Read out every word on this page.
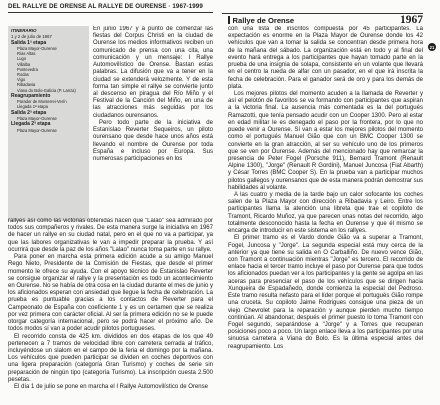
DEL RALLYE DE ORENSE AL RALLYE DE OURENSE · 1967-1999
Rallye de Orense	1967
21
ITINERARIO
1 y 2 de julio de 1967
Salida 1ª etapa
Plaza Mayor-Ourense
Rías Altas
Lugo
Villalba
Pontevedra
Rodas
Vigo
Ribadavia
Viana do Bolo-Galicia (P. Lanza)
Reagrupamiento
Parador de Monterrei-Verín
Llegada 1ª etapa
Salida 2ª etapa
Plaza Mayor-Ourense
Llegada 2ª etapa
Plaza Mayor-Ourense

En junio 1967 y a punto de comenzar las fiestas del Corpus Christi en la ciudad de Ourense los medios informativos reciben un comunicado de prensa con una cita, una comunicación y un mensaje: I Rallye Automovilístico de Orense. Bastan estas palabras. La difusión que va a tener en la ciudad se extenderá velozmente. Y de esta forma tan simple el rallye se convierte junto al descenso en piragua del Río Miño y el Festival de la Canción del Miño, en una de las atracciones más seguidas por los ciudadanos ourensanos.

Pero todo parte de la iniciativa de Estanislao Reverter Sequeiros, un piloto ourensano que desde hace unos años está llevando el nombre de Ourense por toda España e incluso por Europa. Sus numerosas participaciones en los

rallyes así como las victorias obtenidas hacen que "Lalao" sea admirado por todos sus compañeros y rivales. De esta manera surge la iniciativa en 1967 de hacer un rallye en su ciudad natal, pero en el que no va a participar, ya que las labores organizativas le van a impedir preparar la prueba. Y así ocurrirá que desde la paz de los años "Lalao" nunca toma parte en su rallye.

Para poner en marcha esta primera edición acude a su amigo Manuel Rego Nieto, Presidente de la Comisión de Fiestas, que desde el primer momento le ofrece su ayuda. Con el apoyo técnico de Estanislao Reverter se consigue organizar el rallye y la presentación es todo un acontecimiento en Ourense. No se había de otra cosa en la ciudad durante el mes de junio y los aficionados esperan con ansiedad que llegue la fecha de celebración. La prueba es puntuable gracias a los contactos de Reverter para el Campeonato de España con coeficiente 1 y es un certamen que se realiza por vez primera con carácter oficial. Al ser la primera edición no se le puede otorgar categoría internacional, pero se podrá hacer el próximo año. De todos modos sí van a poder acudir pilotos portugueses.

El recorrido consta de 425 km. divididos en dos etapas de los que 49 pertenecen a 7 tramos de velocidad libre con carretera cerrada al tráfico, incluyéndose un slalom en el campo de la feria el domingo por la mañana. Los vehículos que pueden participar se dividen en coches deportivos con una ligera preparación (categoría Gran Turismo) y coches de serie sin preparación de ningún tipo (categoría Turismo). La inscripción cuesta 2.500 pesetas.

El día 1 de julio se pone en marcha el I Rallye Automovilístico de Orense

con una lista de inscritos compuesta por 45 participantes. La expectación es enorme en la Plaza Mayor de Ourense donde los 42 vehículos que van a tomar la salida se concentran desde primera hora de la mañana del sábado. La organización está en todo y al final del evento hará entrega a los participantes que hayan tomado parte en la prueba de una insignia de solapa, consistente en un volante que llevará en el centro la rueda de alfar con un pasador, en el que irá inscrita la fecha de celebración. Para el ganador será de oro y para los demás de plata.

Los mejores pilotos del momento acuden a la llamada de Reverter y así el pelotón de favoritos se va formando con participantes que aspiran a la victoria final. La ausencia más comentada es la del portugués Ramazotti, que tenía pensado acudir con un Cooper 1300. Pero al estar en edad militar le es denegado el paso por la frontera, por lo que no puede venir a Ourense. Sí van a estar los mejores pilotos del momento como el portugués Manuel Gião que con un BMC Cooper 1300 se convierte en la gran atracción, al ser su vehículo uno de los primeros que se ven por Ourense. Además del mencionado hay que remarcar la presencia de Peter Fogel (Porsche 911), Bernard Tramont (Renault Alpine 1300), "Jorge" (Renault R Gordini), Manuel Juncosa (Fiat Abarth) y César Torres (BMC Cooper S). En la prueba van a participar muchos pilotos gallegos y ourensanos que de esta manera podrán demostrar sus habilidades al volante.

A las cuatro y media de la tarde bajo un calor sofocante los coches salen de la Plaza Mayor con dirección a Ribadavia y Leiro. Entre los participantes llama la atención una libreta que trae el copiloto de Tramont, Ricardo Muñoz, ya que parecen unas notas del recorrido, algo totalmente desconocido hasta la fecha en Ourense y que él mismo se encarga de introducir en este sistema en los rallyes.

El primer tramo es el Vardo donde Gião va a superar a Tramont, Fogel, Juncosa y "Jorge". La segunda especial está muy cerca de la anterior ya que tiene su salida en O Carballiño. De nuevo vence Gião, con Tramont a continuación mientras "Jorge" es tercero. El recorrido de enlace hacia el tercer tramo incluye el paso por Ourense para que todos los aficionados puedan ver a los participantes y la gente se agolpa en las aceras para presenciar el paso de los vehículos que se dirigen hacia Xunqueira de Espadañedo, donde comienza la especial del Pedroso. Este tramo resulta nefasto para el líder porque el portugués Gião rompe una cruceta. Su copiloto Jaime Rodrigues consigue una pieza de un viejo Chevrolet para la reparación y aunque pierden mucho tiempo continúan. Al abandonar, después el primer puesto lo toma Tramont con Fogel segundo, separándose a "Jorge" y a Torres que recuperan posiciones poco a poco. Un largo enlace lleva a los participantes por una sinuosa carretera a Viana do Bolo. Es la última especial antes del reagrupamiento. Los
